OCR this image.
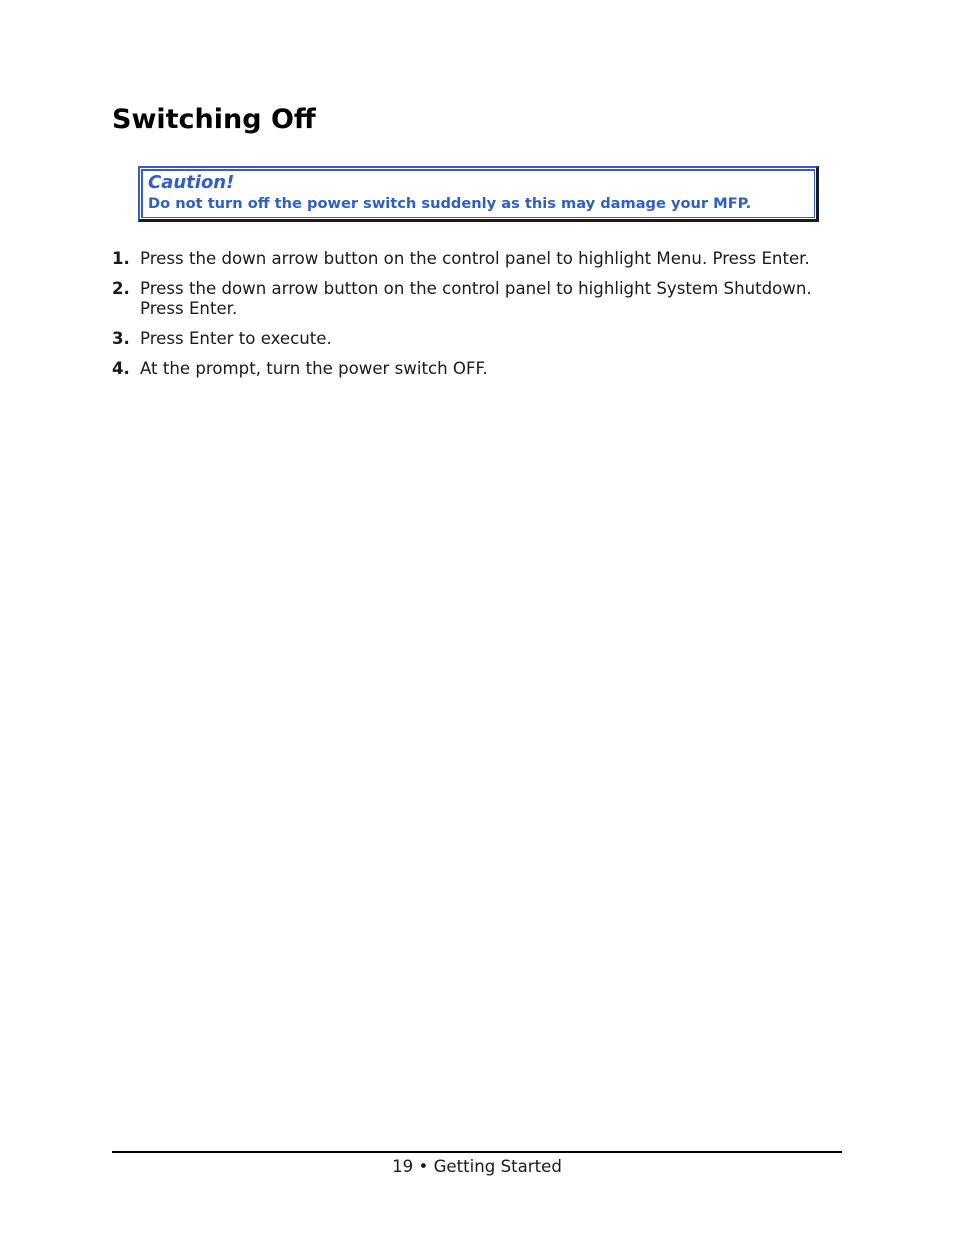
Switching Off
Caution!
Do not turn off the power switch suddenly as this may damage your MFP.
1. Press the down arrow button on the control panel to highlight Menu. Press Enter.
2. Press the down arrow button on the control panel to highlight System Shutdown. Press Enter.
3. Press Enter to execute.
4. At the prompt, turn the power switch OFF.
19 • Getting Started
